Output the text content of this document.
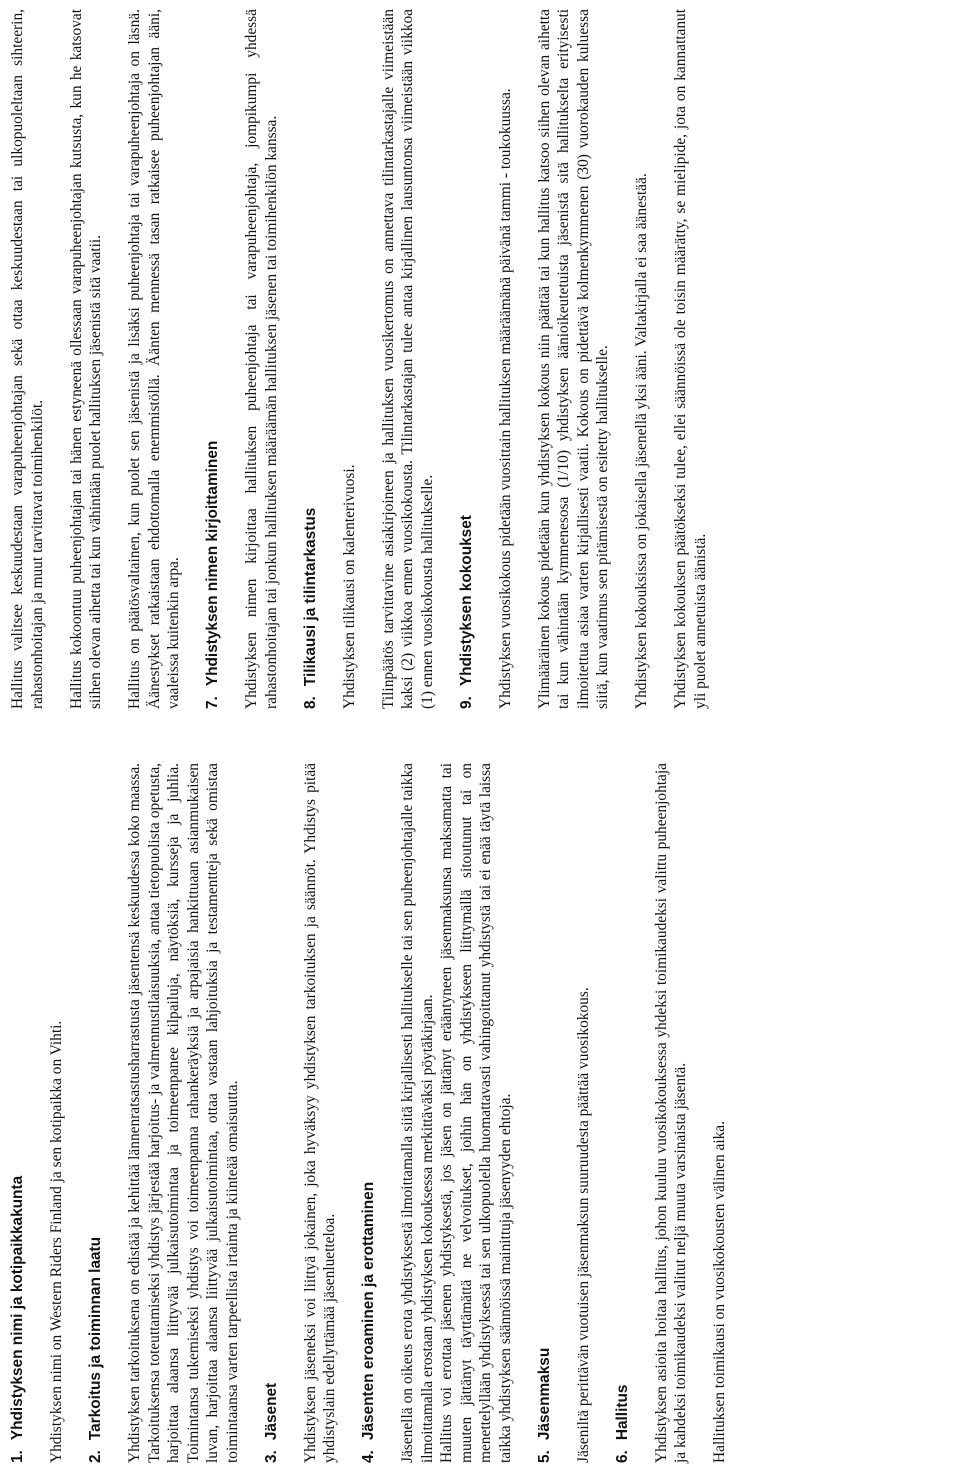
1.Yhdistyksen nimi ja kotipaikkakunta Yhdistyksen nimi on Western Riders Finland ja sen kotipaikka on Vihti. 2.Tarkoitus ja toiminnan laatu Yhdistyksen tarkoituksena on edistää ja kehittää lännenratsastusharrastusta jäsentensä keskuudessa koko maassa. Tarkoituksensa toteuttamiseksi yhdistys järjestää harjoitus- ja valmennustilaisuuksia, antaa tietopuolista opetusta, harjoittaa alaansa liittyvää julkaisutoimintaa ja toimeenpanee kilpailuja, näytöksiä, kursseja ja juhlia. Toimintansa tukemiseksi yhdistys voi toimeenpanna rahankeräyksiä ja arpajaisia hankittuaan asianmukaisen luvan, harjoittaa alaansa liittyvää julkaisutoimintaa, ottaa vastaan lahjoituksia ja testamentteja sekä omistaa toimintaansa varten tarpeellista irtainta ja kiinteää omaisuutta. 3.Jäsenet Yhdistyksen jäseneksi voi liittyä jokainen, joka hyväksyy yhdistyksen tarkoituksen ja säännöt. Yhdistys pitää yhdistyslain edellyttämää jäsenluetteloa. 4.Jäsenten eroaminen ja erottaminen Jäsenellä on oikeus erota yhdistyksestä ilmoittamalla siitä kirjallisesti hallitukselle tai sen puheenjohtajalle taikka ilmoittamalla erostaan yhdistyksen kokouksessa merkittäväksi pöytäkirjaan. Hallitus voi erottaa jäsenen yhdistyksestä, jos jäsen on jättänyt erääntyneen jäsenmaksunsa maksamatta tai muuten jättänyt täyttämättä ne velvoitukset, joihin hän on yhdistykseen liittymällä sitoutunut tai on menettelyllään yhdistyksessä tai sen ulkopuolella huomattavasti vahingoittanut yhdistystä tai ei enää täytä laissa taikka yhdistyksen säännöissä mainittuja jäsenyyden ehtoja. 5.Jäsenmaksu Jäseniltä perittävän vuotuisen jäsenmaksun suuruudesta päättää vuosikokous. 6.Hallitus Yhdistyksen asioita hoitaa hallitus, johon kuuluu vuosikokouksessa yhdeksi toimikaudeksi valittu puheenjohtaja ja kahdeksi toimikaudeksi valitut neljä muuta varsinaista jäsentä. Hallituksen toimikausi on vuosikokousten välinen aika.

Hallitus valitsee keskuudestaan varapuheenjohtajan sekä ottaa keskuudestaan tai ulkopuoleltaan sihteerin, rahastonhoitajan ja muut tarvittavat toimihenkilöt. Hallitus kokoontuu puheenjohtajan tai hänen estyneenä ollessaan varapuheenjohtajan kutsusta, kun he katsovat siihen olevan aihetta tai kun vähintään puolet hallituksen jäsenistä sitä vaatii. Hallitus on päätösvaltainen, kun puolet sen jäsenistä ja lisäksi puheenjohtaja tai varapuheenjohtaja on läsnä. Äänestykset ratkaistaan ehdottomalla enemmistöllä. Äänten mennessä tasan ratkaisee puheenjohtajan ääni, vaaleissa kuitenkin arpa. 7.Yhdistyksen nimen kirjoittaminen Yhdistyksen nimen kirjoittaa hallituksen puheenjohtaja tai varapuheenjohtaja, jompikumpi yhdessä rahastonhoitajan tai jonkun hallituksen määräämän hallituksen jäsenen tai toimihenkilön kanssa. 8.Tilikausi ja tilintarkastus Yhdistyksen tilikausi on kalenterivuosi. Tilinpäätös tarvittavine asiakirjoineen ja hallituksen vuosikertomus on annettava tilintarkastajalle viimeistään kaksi (2) viikkoa ennen vuosikokousta. Tilintarkastajan tulee antaa kirjallinen lausuntonsa viimeistään viikkoa (1) ennen vuosikokousta hallitukselle. 9.Yhdistyksen kokoukset Yhdistyksen vuosikokous pidetään vuosittain hallituksen määräämänä päivänä tammi - toukokuussa. Ylimääräinen kokous pidetään kun yhdistyksen kokous niin päättää tai kun hallitus katsoo siihen olevan aihetta tai kun vähintään kymmenesosa (1/10) yhdistyksen äänioikeutetuista jäsenistä sitä hallitukselta erityisesti ilmoitettua asiaa varten kirjallisesti vaatii. Kokous on pidettävä kolmenkymmenen (30) vuorokauden kuluessa siitä, kun vaatimus sen pitämisestä on esitetty hallitukselle. Yhdistyksen kokouksissa on jokaisella jäsenellä yksi ääni. Valtakirjalla ei saa äänestää. Yhdistyksen kokouksen päätökseksi tulee, ellei säännöissä ole toisin määrätty, se mielipide, jota on kannattanut yli puolet annetuista äänistä.
